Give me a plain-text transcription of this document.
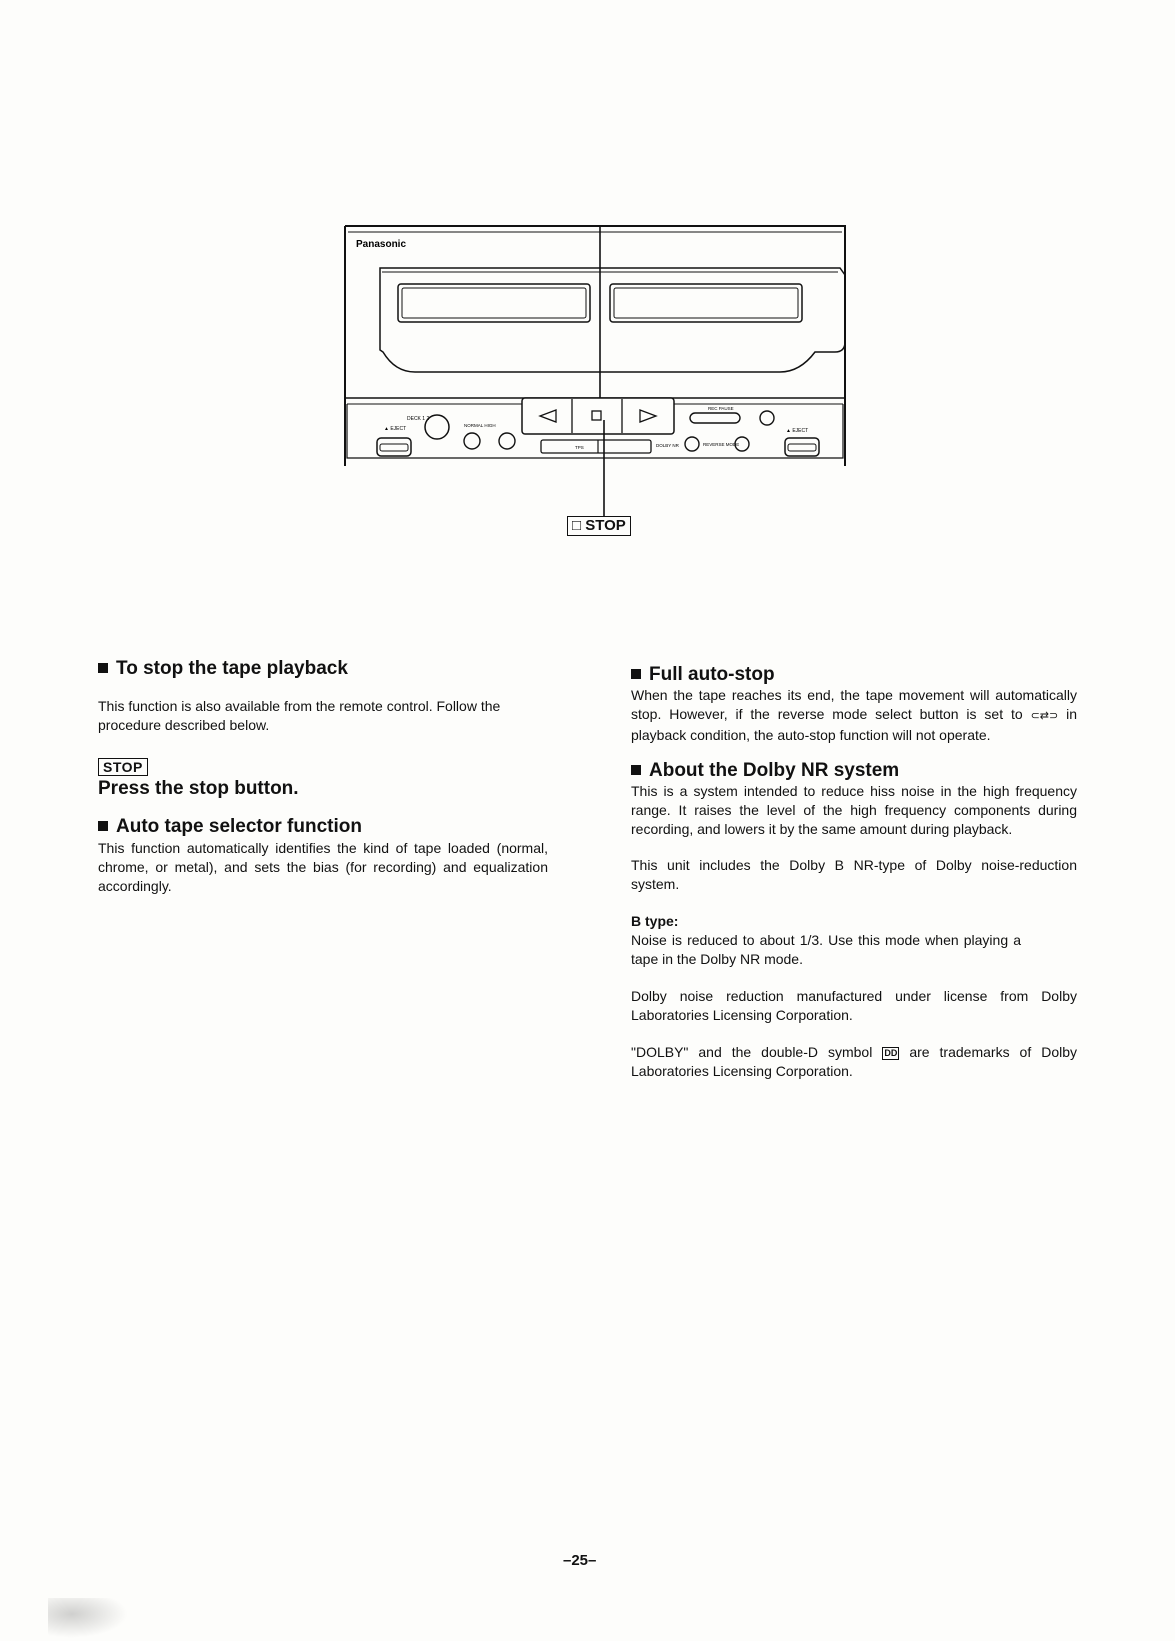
Panasonic
DECK 1 2
▲ EJECT
NORMAL HIGH
TPS
REC PAUSE
DOLBY NR	REVERSE MODE
▲ EJECT
□ STOP
To stop the tape playback

This function is also available from the remote control. Follow the procedure described below.

STOP
Press the stop button.
Auto tape selector function

This function automatically identifies the kind of tape loaded (normal, chrome, or metal), and sets the bias (for recording) and equalization accordingly.

Full auto-stop

When the tape reaches its end, the tape movement will automatically stop. However, if the reverse mode select button is set to ⊂⇄⊃ in playback condition, the auto-stop function will not operate.

About the Dolby NR system

This is a system intended to reduce hiss noise in the high frequency range. It raises the level of the high frequency components during recording, and lowers it by the same amount during playback.

This unit includes the Dolby B NR-type of Dolby noise-reduction system.

B type:Noise is reduced to about 1/3. Use this mode when playing a tape in the Dolby NR mode.

Dolby noise reduction manufactured under license from Dolby Laboratories Licensing Corporation.

"DOLBY" and the double-D symbol DD are trademarks of Dolby Laboratories Licensing Corporation.

–25–
